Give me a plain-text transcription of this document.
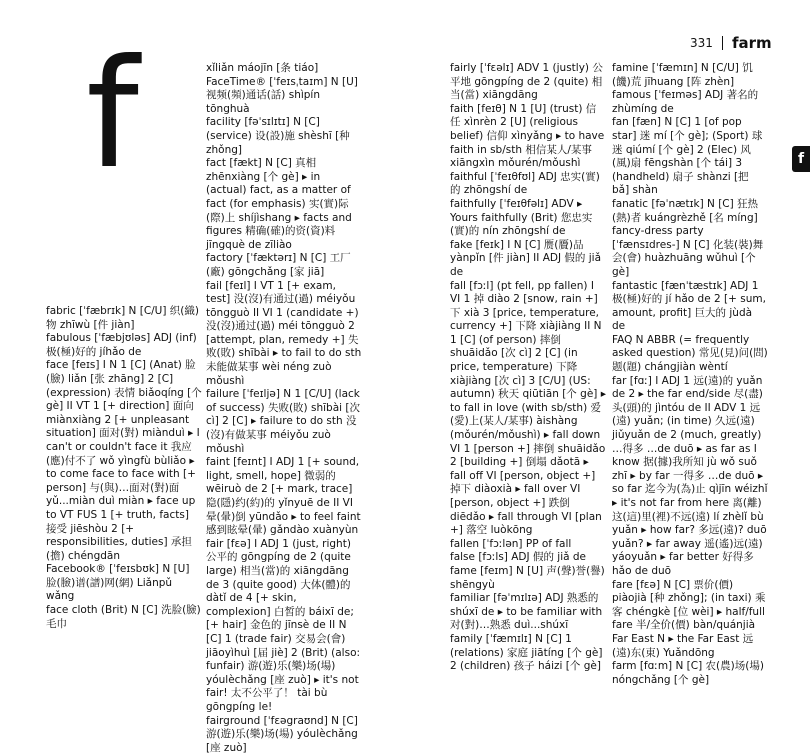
331 farm
f	f

fabric [ˈfæbrɪk] N [C/U] 织(織)物 zhīwù [件 jiàn]

fabulous [ˈfæbjʊləs] ADJ (inf) 极(極)好的 jíhǎo de

face [feɪs] I N 1 [C] (Anat) 脸(臉) liǎn [张 zhāng] 2 [C] (expression) 表情 biǎoqíng [个 gè] II VT 1 [+ direction] 面向 miànxiàng 2 [+ unpleasant situation] 面对(對) miànduì ▸ I can't or couldn't face it 我应(應)付不了 wǒ yìngfù bùliǎo ▸ to come face to face with [+ person] 与(與)…面对(對)面 yǔ...miàn duì miàn ▸ face up to VT FUS 1 [+ truth, facts] 接受 jiēshòu 2 [+ responsibilities, duties] 承担(擔) chéngdān

Facebook® [ˈfeɪsbʊk] N [U] 脸(臉)谱(譜)网(網) Liǎnpǔ wǎng

face cloth (Brit) N [C] 洗脸(臉)毛巾

xǐliǎn máojīn [条 tiáo]

FaceTime® [ˈfeɪsˌtaɪm] N [U] 视频(頻)通话(話) shìpín tōnghuà

facility [fəˈsɪlɪtɪ] N [C] (service) 设(設)施 shèshī [种 zhǒng]

fact [fækt] N [C] 真相 zhēnxiàng [个 gè] ▸ in (actual) fact, as a matter of fact (for emphasis) 实(實)际(際)上 shíjìshang ▸ facts and figures 精确(確)的资(資)料 jīngquè de zīliào

factory [ˈfæktərɪ] N [C] 工厂(廠) gōngchǎng [家 jiā]

fail [feɪl] I VT 1 [+ exam, test] 没(沒)有通过(過) méiyǒu tōngguò II VI 1 (candidate +) 没(沒)通过(過) méi tōngguò 2 [attempt, plan, remedy +] 失败(敗) shībài ▸ to fail to do sth 未能做某事 wèi néng zuò mǒushì

failure [ˈfeɪljə] N 1 [C/U] (lack of success) 失败(敗) shībài [次 cì] 2 [C] ▸ failure to do sth 没(沒)有做某事 méiyǒu zuò mǒushì

faint [feɪnt] I ADJ 1 [+ sound, light, smell, hope] 微弱的 wēiruò de 2 [+ mark, trace] 隐(隱)约(約)的 yǐnyuē de II VI 晕(暈)倒 yūndǎo ▸ to feel faint 感到眩晕(暈) gǎndào xuànyùn

fair [fɛə] I ADJ 1 (just, right) 公平的 gōngpíng de 2 (quite large) 相当(當)的 xiāngdāng de 3 (quite good) 大体(體)的 dàtǐ de 4 [+ skin, complexion] 白皙的 báixī de; [+ hair] 金色的 jīnsè de II N [C] 1 (trade fair) 交易会(會) jiāoyìhuì [届 jiè] 2 (Brit) (also: funfair) 游(遊)乐(樂)场(場) yóulèchǎng [座 zuò] ▸ it's not fair! 太不公平了！ tài bù gōngpíng le!

fairground [ˈfɛəgraʊnd] N [C] 游(遊)乐(樂)场(場) yóulèchǎng [座 zuò]

fairly [ˈfɛəlɪ] ADV 1 (justly) 公平地 gōngpíng de 2 (quite) 相当(當) xiāngdāng

faith [feɪθ] N 1 [U] (trust) 信任 xìnrèn 2 [U] (religious belief) 信仰 xìnyǎng ▸ to have faith in sb/sth 相信某人/某事 xiāngxìn mǒurén/mǒushì

faithful [ˈfeɪθfʊl] ADJ 忠实(實)的 zhōngshí de

faithfully [ˈfeɪθfəlɪ] ADV ▸ Yours faithfully (Brit) 您忠实(實)的 nín zhōngshí de

fake [feɪk] I N [C] 赝(贗)品 yànpǐn [件 jiàn] II ADJ 假的 jiǎ de

fall [fɔːl] (pt fell, pp fallen) I VI 1 掉 diào 2 [snow, rain +] 下 xià 3 [price, temperature, currency +] 下降 xiàjiàng II N 1 [C] (of person) 摔倒 shuāidǎo [次 cì] 2 [C] (in price, temperature) 下降 xiàjiàng [次 cì] 3 [C/U] (US: autumn) 秋天 qiūtiān [个 gè] ▸ to fall in love (with sb/sth) 爱(愛)上(某人/某事) àishàng (mǒurén/mǒushì) ▸ fall down VI 1 [person +] 摔倒 shuāidǎo 2 [building +] 倒塌 dǎotā ▸ fall off VI [person, object +] 掉下 diàoxià ▸ fall over VI [person, object +] 跌倒 diēdǎo ▸ fall through VI [plan +] 落空 luòkōng

fallen [ˈfɔːlən] PP of fall

false [fɔːls] ADJ 假的 jiǎ de

fame [feɪm] N [U] 声(聲)誉(譽) shēngyù

familiar [fəˈmɪlɪə] ADJ 熟悉的 shúxī de ▸ to be familiar with 对(對)…熟悉 duì...shúxī

family [ˈfæmɪlɪ] N [C] 1 (relations) 家庭 jiātíng [个 gè] 2 (children) 孩子 háizi [个 gè]

famine [ˈfæmɪn] N [C/U] 饥(饑)荒 jīhuang [阵 zhèn]

famous [ˈfeɪməs] ADJ 著名的 zhùmíng de

fan [fæn] N [C] 1 [of pop star] 迷 mí [个 gè]; (Sport) 球迷 qiúmí [个 gè] 2 (Elec) 风(風)扇 fēngshàn [个 tái] 3 (handheld) 扇子 shànzi [把 bǎ] shàn

fanatic [fəˈnætɪk] N [C] 狂热(熱)者 kuángrèzhě [名 míng]

fancy-dress party [ˈfænsɪdres-] N [C] 化装(裝)舞会(會) huàzhuāng wǔhuì [个 gè]

fantastic [fænˈtæstɪk] ADJ 1 极(極)好的 jí hǎo de 2 [+ sum, amount, profit] 巨大的 jùdà de

FAQ N ABBR (= frequently asked question) 常见(見)问(問)题(題) chángjiàn wèntí

far [fɑː] I ADJ 1 远(遠)的 yuǎn de 2 ▸ the far end/side 尽(盡)头(頭)的 jìntóu de II ADV 1 远(遠) yuǎn; (in time) 久远(遠) jiǔyuǎn de 2 (much, greatly) …得多 …de duō ▸ as far as I know 据(據)我所知 jù wǒ suǒ zhī ▸ by far 一得多 …de duō ▸ so far 迄今为(為)止 qìjīn wéizhǐ ▸ it's not far from here 离(離)这(這)里(裡)不远(遠) lí zhèlǐ bù yuǎn ▸ how far? 多远(遠)? duō yuǎn? ▸ far away 遥(遙)远(遠) yáoyuǎn ▸ far better 好得多 hǎo de duō

fare [fɛə] N [C] 票价(價) piàojià [种 zhǒng]; (in taxi) 乘客 chéngkè [位 wèi] ▸ half/full fare 半/全价(價) bàn/quánjià

Far East N ▸ the Far East 远(遠)东(東) Yuǎndōng

farm [fɑːm] N [C] 农(農)场(場) nóngchǎng [个 gè]
